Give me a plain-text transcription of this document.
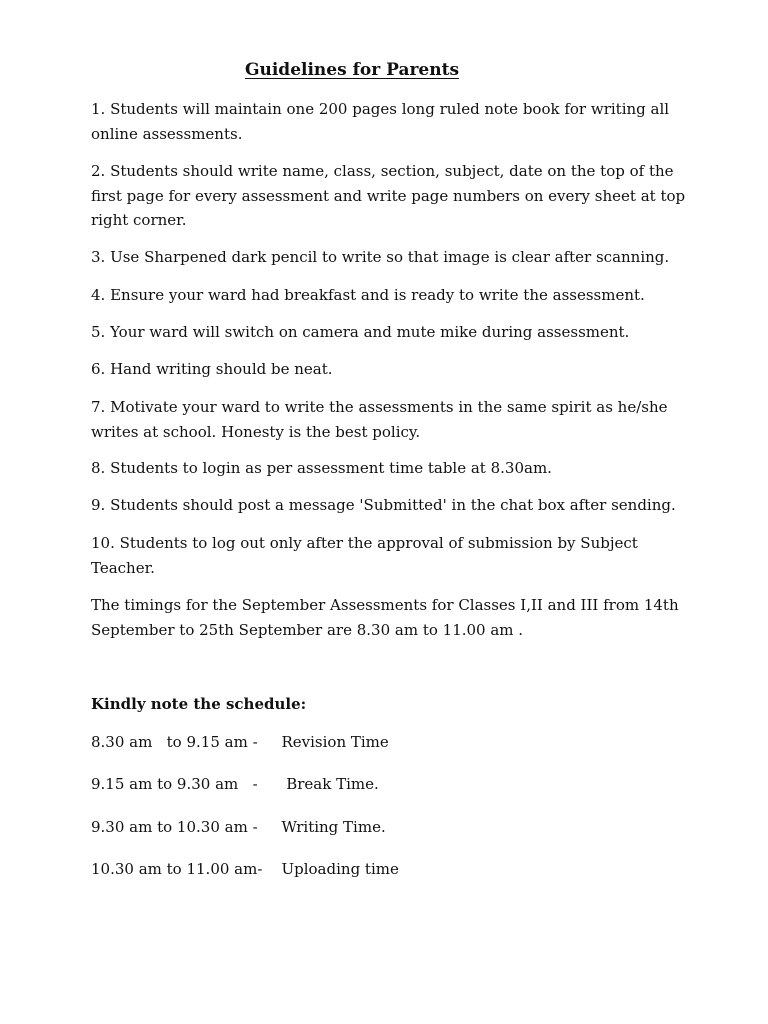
Guidelines for Parents

1. Students will maintain one 200 pages long ruled note book for writing all online assessments.

2. Students should write name, class, section, subject, date on the top of the first page for every assessment and write page numbers on every sheet at top right corner.

3. Use Sharpened dark pencil to write so that image is clear after scanning.

4. Ensure your ward had breakfast and is ready to write the assessment.

5. Your ward will switch on camera and mute mike during assessment.

6. Hand writing should be neat.

7. Motivate your ward to write the assessments in the same spirit as he/she writes at school. Honesty is the best policy.

8. Students to login as per assessment time table at 8.30am.

9. Students should post a message 'Submitted' in the chat box after sending.

10. Students to log out only after the approval of submission by Subject Teacher.

The timings for the September Assessments for Classes I,II and III from 14th September to 25th September are 8.30 am to 11.00 am .

Kindly note the schedule:

8.30 am   to 9.15 am -     Revision Time
9.15 am to 9.30 am   -      Break Time.
9.30 am to 10.30 am -     Writing Time.
10.30 am to 11.00 am-    Uploading time
